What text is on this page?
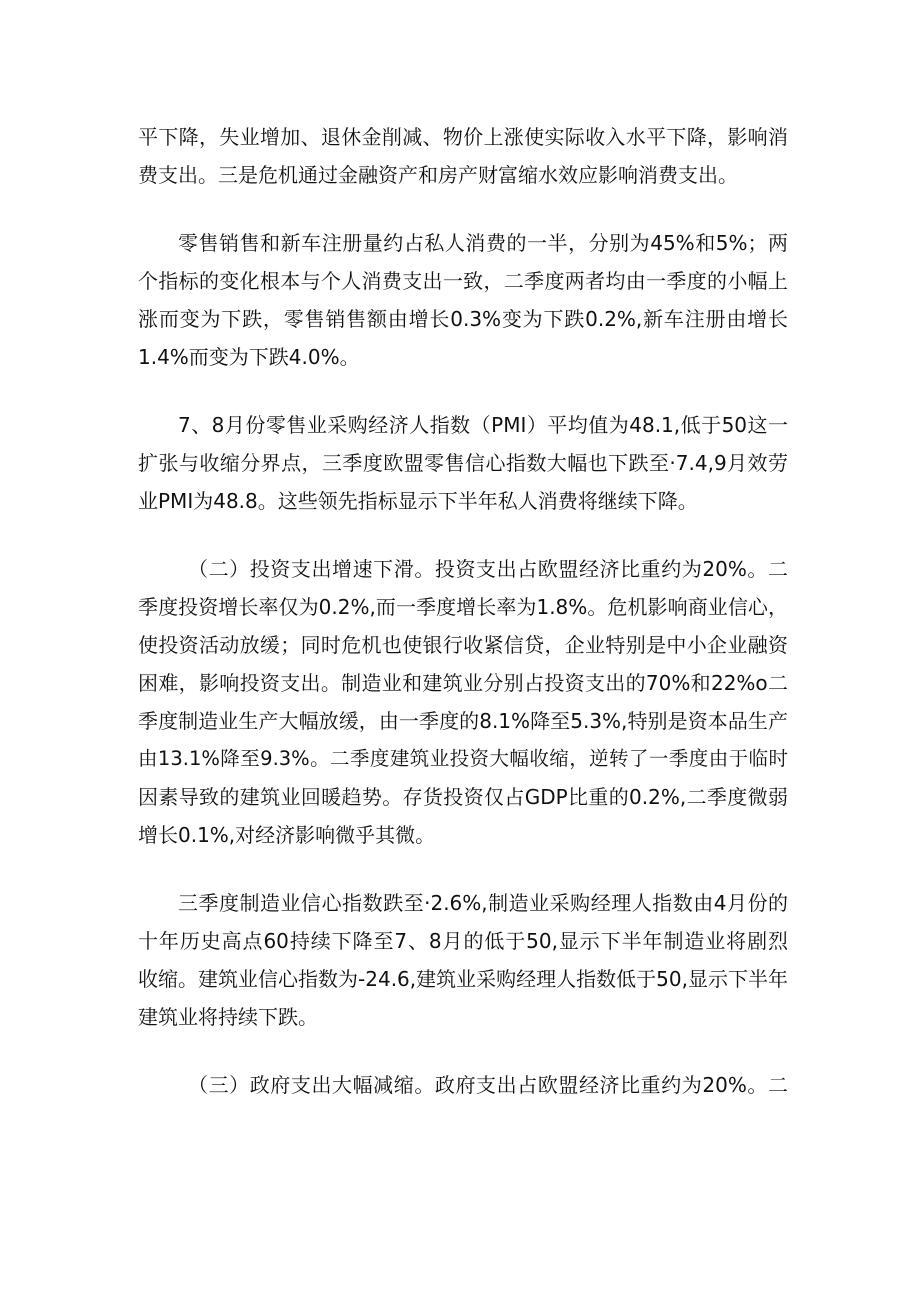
平下降，失业增加、退休金削减、物价上涨使实际收入水平下降，影响消
费支出。三是危机通过金融资产和房产财富缩水效应影响消费支出。
零售销售和新车注册量约占私人消费的一半，分别为45%和5%；两
个指标的变化根本与个人消费支出一致，二季度两者均由一季度的小幅上
涨而变为下跌，零售销售额由增长0.3%变为下跌0.2%,新车注册由增长
1.4%而变为下跌4.0%。
7、8月份零售业采购经济人指数（PMI）平均值为48.1,低于50这一
扩张与收缩分界点，三季度欧盟零售信心指数大幅也下跌至·7.4,9月效劳
业PMI为48.8。这些领先指标显示下半年私人消费将继续下降。
（二）投资支出增速下滑。投资支出占欧盟经济比重约为20%。二
季度投资增长率仅为0.2%,而一季度增长率为1.8%。危机影响商业信心，
使投资活动放缓；同时危机也使银行收紧信贷，企业特别是中小企业融资
困难，影响投资支出。制造业和建筑业分别占投资支出的70%和22%o二
季度制造业生产大幅放缓，由一季度的8.1%降至5.3%,特别是资本品生产
由13.1%降至9.3%。二季度建筑业投资大幅收缩，逆转了一季度由于临时
因素导致的建筑业回暖趋势。存货投资仅占GDP比重的0.2%,二季度微弱
增长0.1%,对经济影响微乎其微。
三季度制造业信心指数跌至·2.6%,制造业采购经理人指数由4月份的
十年历史高点60持续下降至7、8月的低于50,显示下半年制造业将剧烈
收缩。建筑业信心指数为-24.6,建筑业采购经理人指数低于50,显示下半年
建筑业将持续下跌。
（三）政府支出大幅减缩。政府支出占欧盟经济比重约为20%。二
